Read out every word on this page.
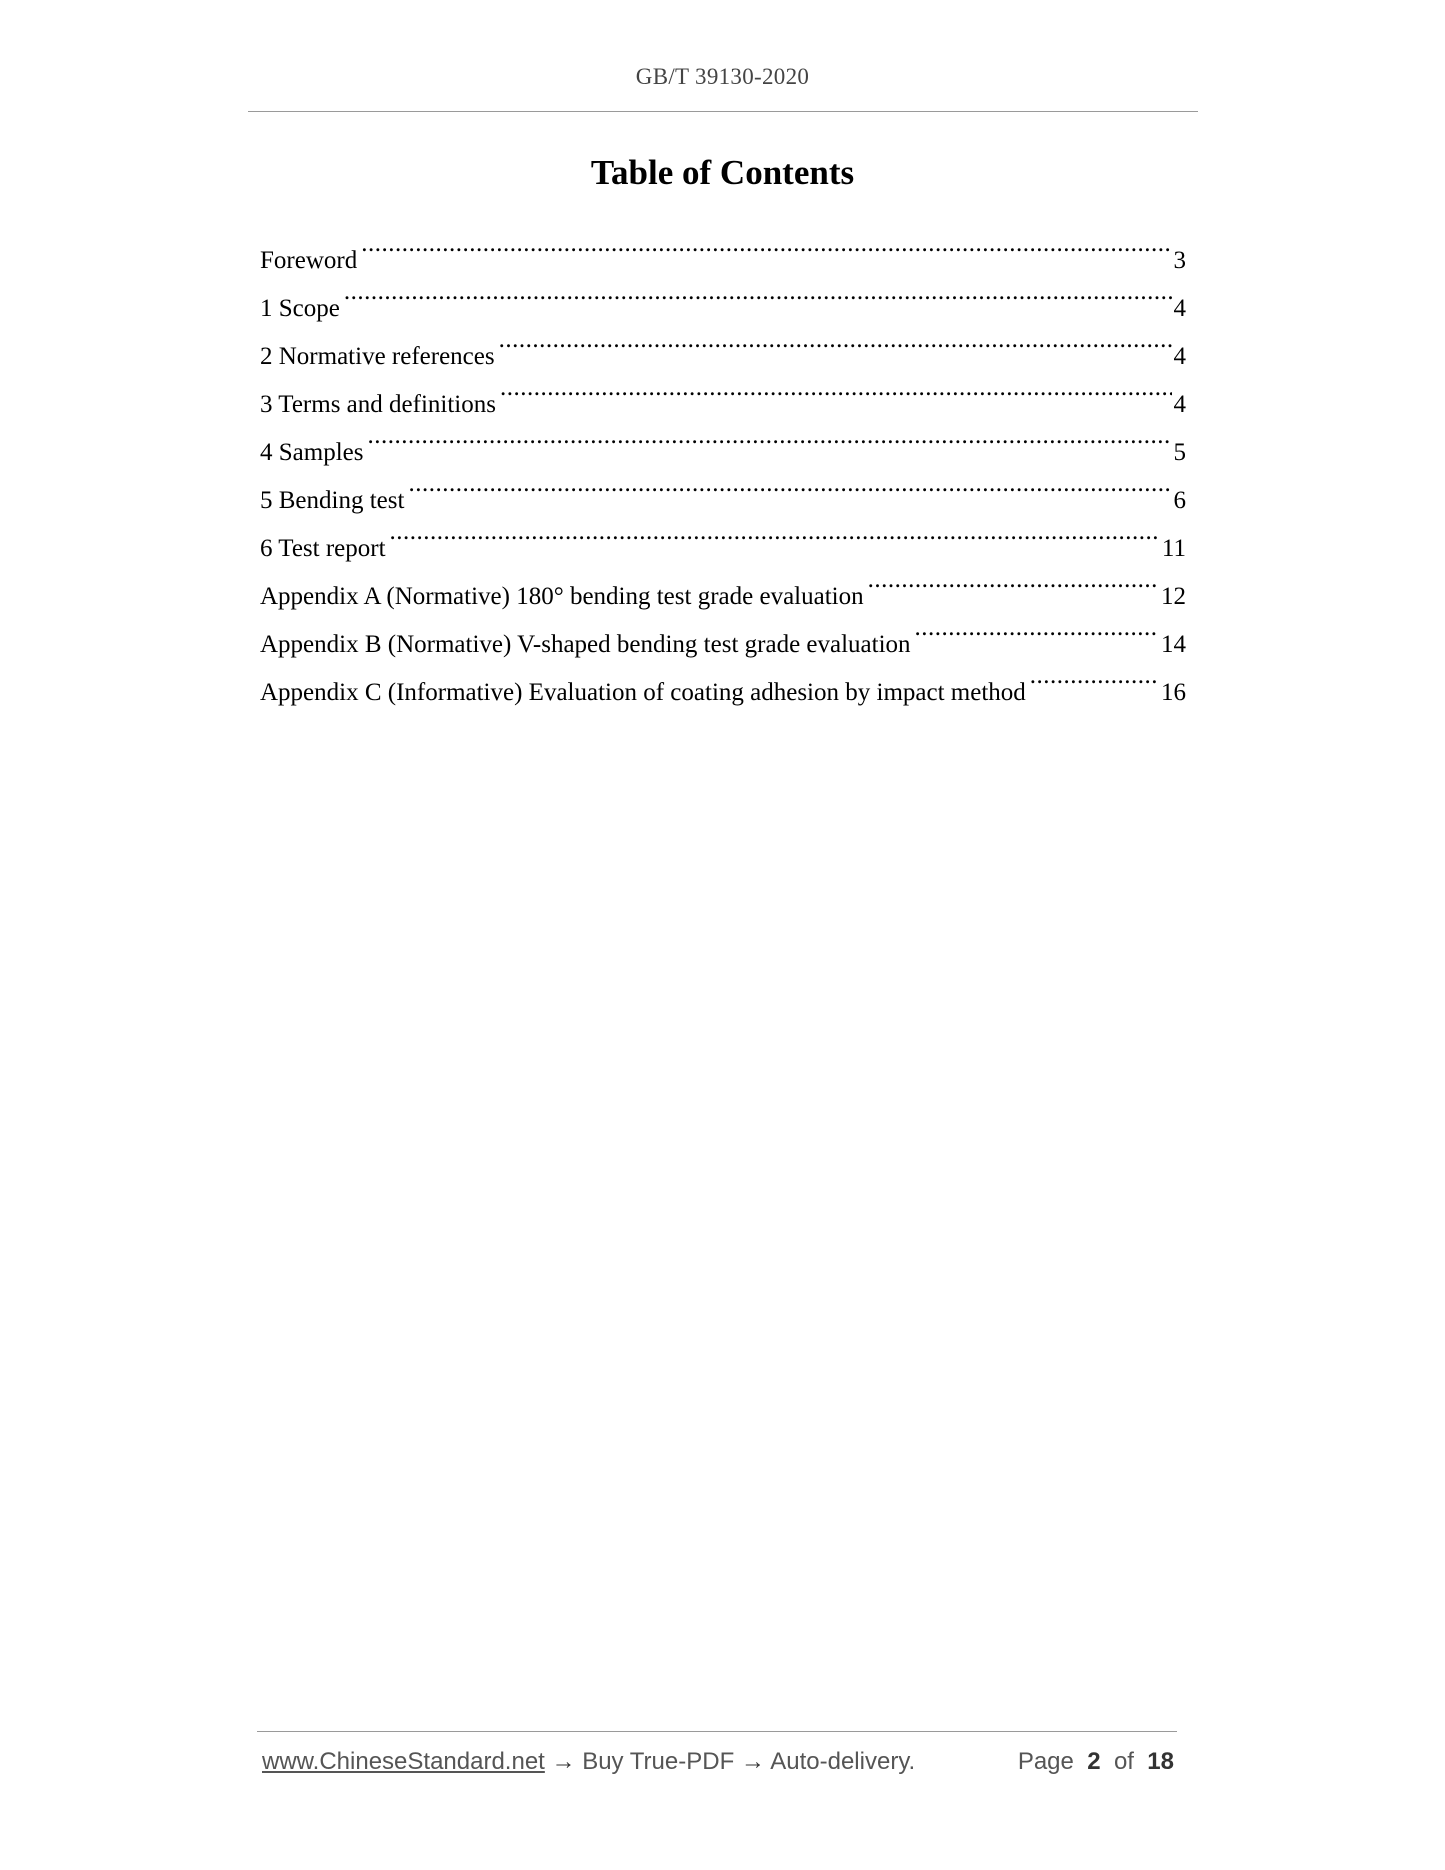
GB/T 39130-2020
Table of Contents
Foreword .....	3
1 Scope .....	4
2 Normative references .....	4
3 Terms and definitions .....	4
4 Samples .....	5
5 Bending test .....	6
6 Test report .....	11
Appendix A (Normative) 180° bending test grade evaluation .....	12
Appendix B (Normative) V-shaped bending test grade evaluation .....	14
Appendix C (Informative) Evaluation of coating adhesion by impact method .....	16
www.ChineseStandard.net → Buy True-PDF → Auto-delivery.	Page 2 of 18
